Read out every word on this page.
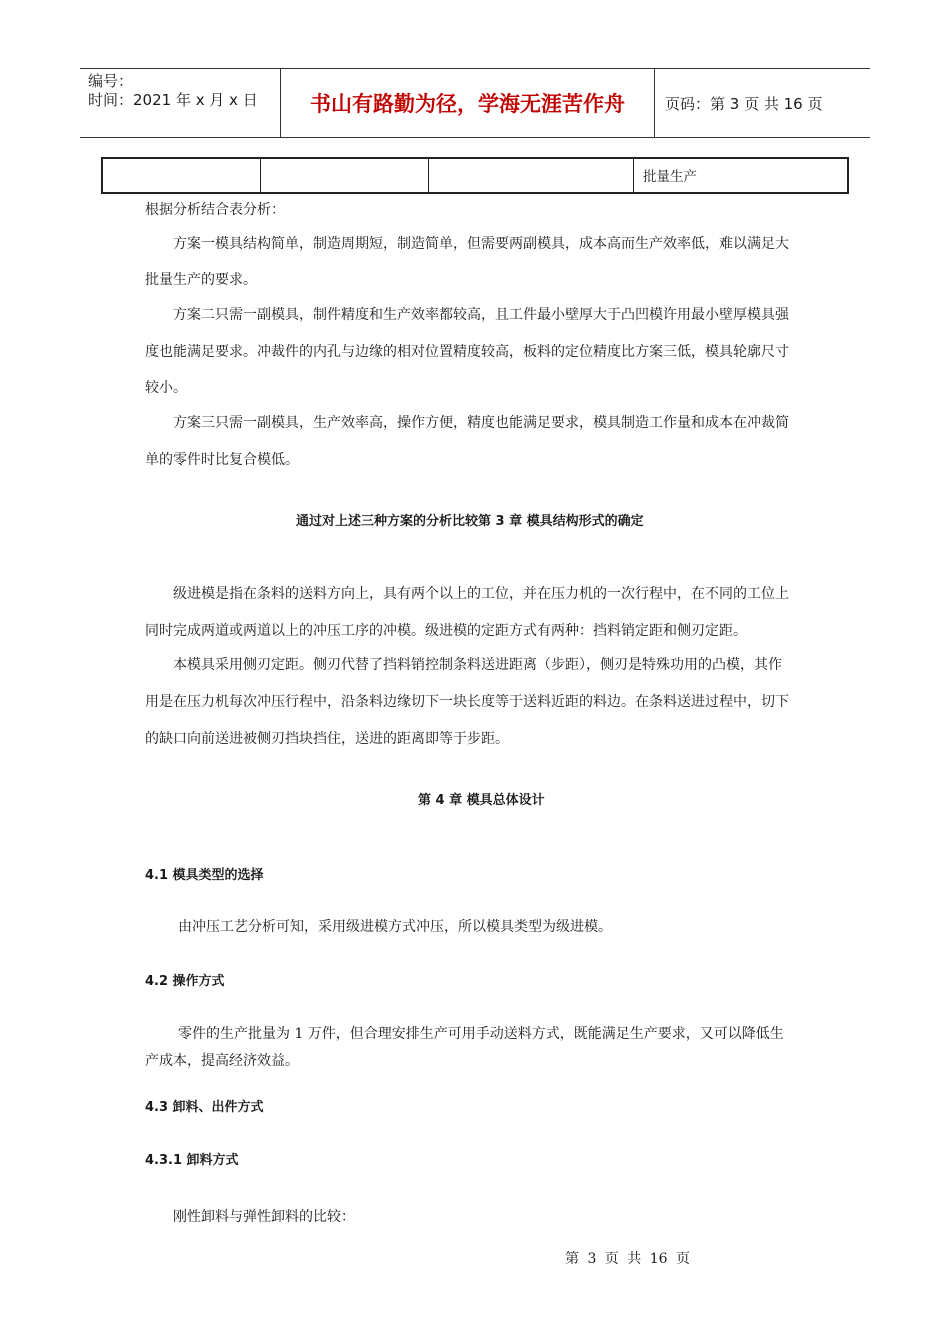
编号：
时间：2021 年 x 月 x 日	书山有路勤为径，学海无涯苦作舟	页码：第 3 页 共 16 页
批量生产
根据分析结合表分析：
方案一模具结构简单，制造周期短，制造简单，但需要两副模具，成本高而生产效率低，难以满足大
批量生产的要求。
方案二只需一副模具，制件精度和生产效率都较高，且工件最小壁厚大于凸凹模许用最小壁厚模具强
度也能满足要求。冲裁件的内孔与边缘的相对位置精度较高，板料的定位精度比方案三低，模具轮廓尺寸
较小。
方案三只需一副模具，生产效率高，操作方便，精度也能满足要求，模具制造工作量和成本在冲裁简
单的零件时比复合模低。
通过对上述三种方案的分析比较第 3 章 模具结构形式的确定
级进模是指在条料的送料方向上，具有两个以上的工位，并在压力机的一次行程中，在不同的工位上
同时完成两道或两道以上的冲压工序的冲模。级进模的定距方式有两种：挡料销定距和侧刃定距。
本模具采用侧刃定距。侧刃代替了挡料销控制条料送进距离（步距），侧刃是特殊功用的凸模，其作
用是在压力机每次冲压行程中，沿条料边缘切下一块长度等于送料近距的料边。在条料送进过程中，切下
的缺口向前送进被侧刃挡块挡住，送进的距离即等于步距。
第 4 章 模具总体设计
4.1 模具类型的选择
由冲压工艺分析可知，采用级进模方式冲压，所以模具类型为级进模。
4.2 操作方式
零件的生产批量为 1 万件，但合理安排生产可用手动送料方式，既能满足生产要求，又可以降低生
产成本，提高经济效益。
4.3 卸料、出件方式
4.3.1 卸料方式
刚性卸料与弹性卸料的比较：
第 3 页 共 16 页
